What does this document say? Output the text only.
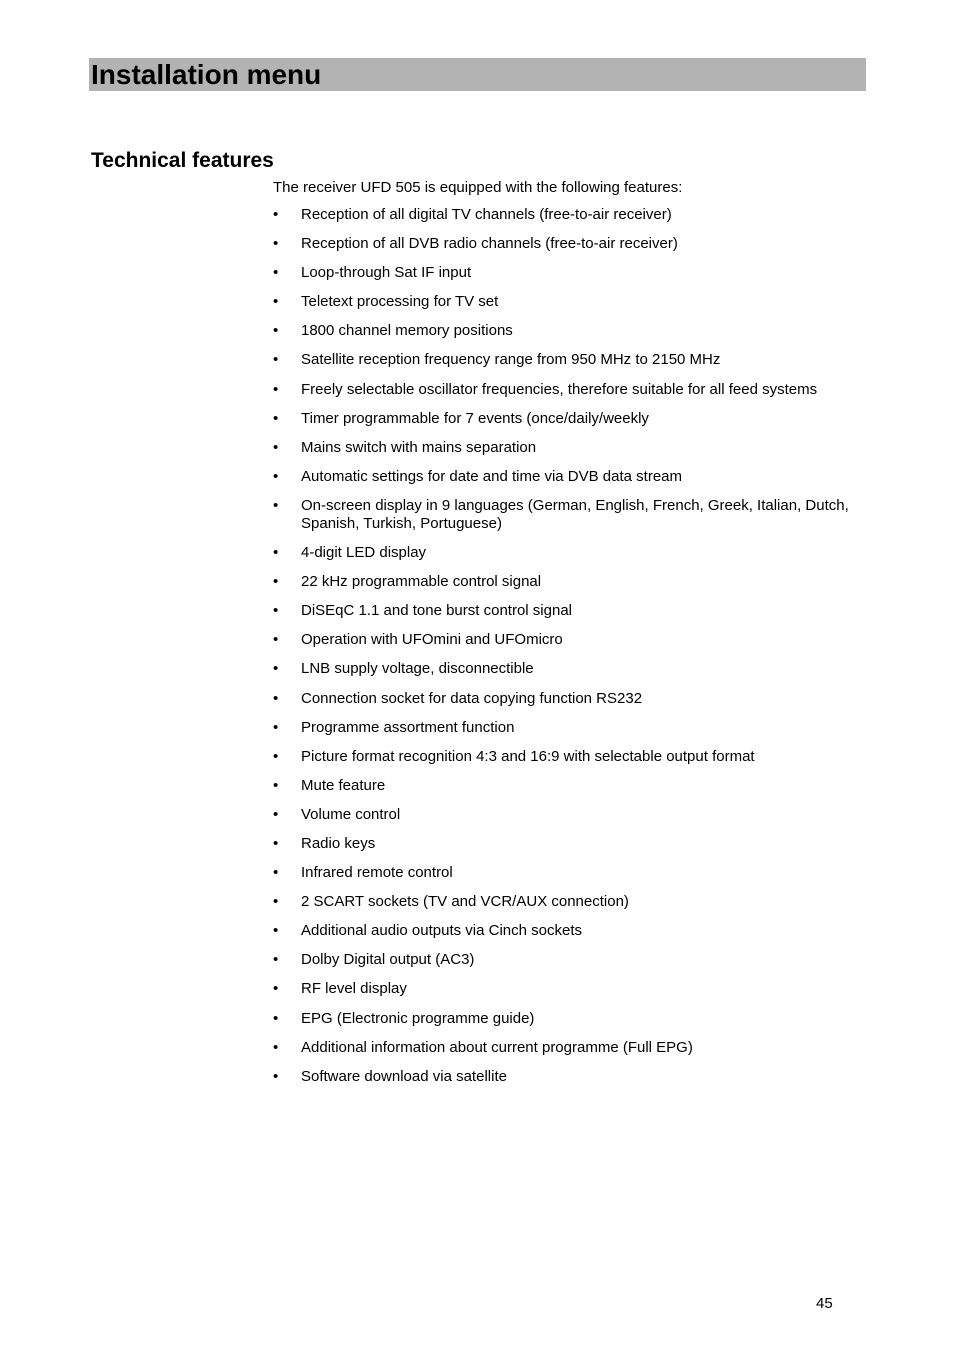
Installation menu
Technical features

The receiver UFD 505 is equipped with the following features:

•	Reception of all digital TV channels (free-to-air receiver)
•	Reception of all DVB radio channels (free-to-air receiver)
•	Loop-through Sat IF input
•	Teletext processing for TV set
•	1800 channel memory positions
•	Satellite reception frequency range from 950 MHz to 2150 MHz
•	Freely selectable oscillator frequencies, therefore suitable for all feed systems
•	Timer programmable for 7 events (once/daily/weekly
•	Mains switch with mains separation
•	Automatic settings for date and time via DVB data stream
•	On-screen display in 9 languages (German, English, French, Greek, Italian, Dutch, Spanish, Turkish, Portuguese)
•	4-digit LED display
•	22 kHz programmable control signal
•	DiSEqC 1.1 and tone burst control signal
•	Operation with UFOmini and UFOmicro
•	LNB supply voltage, disconnectible
•	Connection socket for data copying function RS232
•	Programme assortment function
•	Picture format recognition 4:3 and 16:9 with selectable output format
•	Mute feature
•	Volume control
•	Radio keys
•	Infrared remote control
•	2 SCART sockets (TV and VCR/AUX connection)
•	Additional audio outputs via Cinch sockets
•	Dolby Digital output (AC3)
•	RF level display
•	EPG (Electronic programme guide)
•	Additional information about current programme (Full EPG)
•	Software download via satellite
45
